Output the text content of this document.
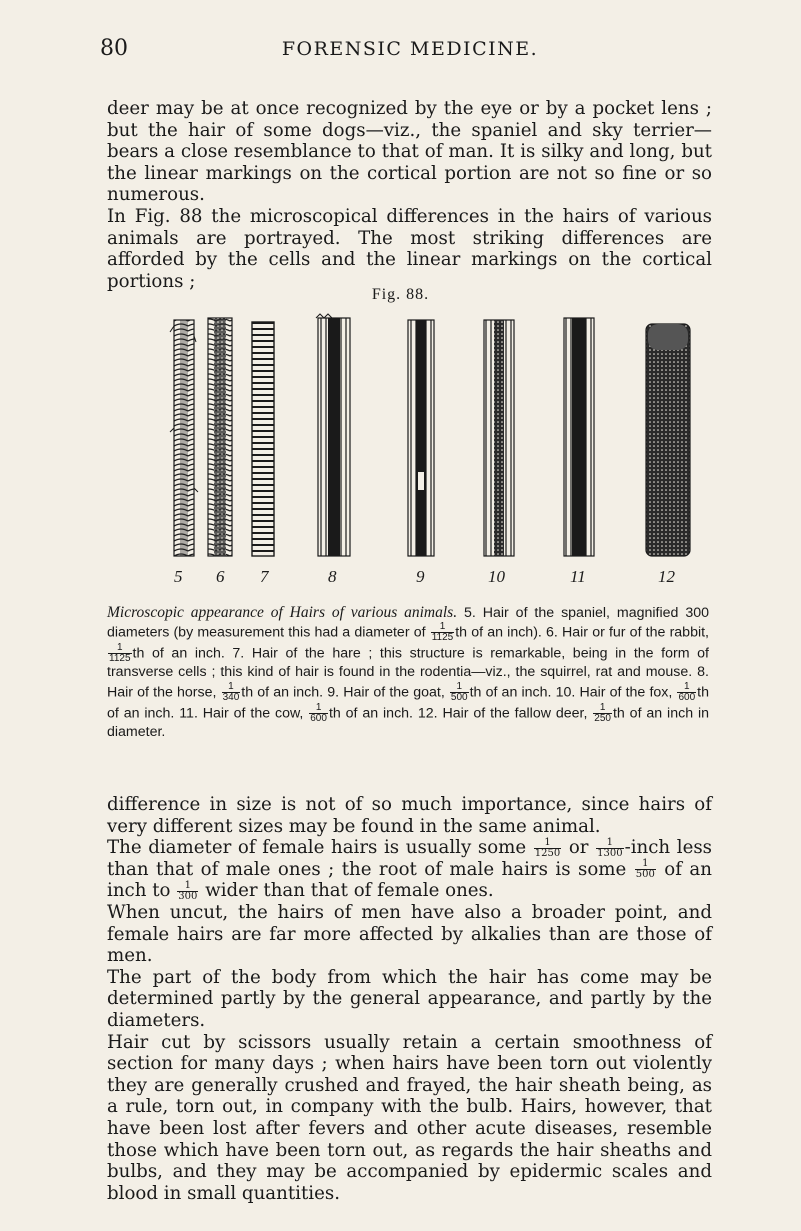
80	FORENSIC MEDICINE.

deer may be at once recognized by the eye or by a pocket lens ; but the hair of some dogs—viz., the spaniel and sky terrier—bears a close resemblance to that of man. It is silky and long, but the linear markings on the cortical portion are not so fine or so numerous.

In Fig. 88 the microscopical differences in the hairs of various animals are portrayed. The most striking differences are afforded by the cells and the linear markings on the cortical portions ;

Fig. 88.
5 6 7	8	9	10	11	12
Microscopic appearance of Hairs of various animals. 5. Hair of the spaniel, magnified 300 diameters (by measurement this had a diameter of $\frac{1}{1125}$ th of an inch). 6. Hair or fur of the rabbit,
$\frac{1}{1125}$ th of an inch. 7. Hair of the hare ; this structure is remarkable, being in the form of transverse cells ; this kind of hair is found in the rodentia—viz., the squirrel, rat and mouse. 8. Hair of the horse, $\frac{1}{340}$ th of an inch. 9. Hair of the goat, $\frac{1}{500}$ th of an inch. 10. Hair of the fox, $\frac{1}{600}$ th of an inch. 11. Hair of the cow, $\frac{1}{600}$ th of an inch. 12. Hair of the fallow deer, $\frac{1}{250}$ th of an inch in diameter.

difference in size is not of so much importance, since hairs of very different sizes may be found in the same animal.

The diameter of female hairs is usually some $\frac{1}{1250}$ or $\frac{1}{1300}$ -inch less than that of male ones ; the root of male hairs is some $\frac{1}{500}$ of an inch to $\frac{1}{300}$ wider than that of female ones.

When uncut, the hairs of men have also a broader point, and female hairs are far more affected by alkalies than are those of men.

The part of the body from which the hair has come may be determined partly by the general appearance, and partly by the diameters.

Hair cut by scissors usually retain a certain smoothness of section for many days ; when hairs have been torn out violently they are generally crushed and frayed, the hair sheath being, as a rule, torn out, in company with the bulb. Hairs, however, that have been lost after fevers and other acute diseases, resemble those which have been torn out, as regards the hair sheaths and bulbs, and they may be accompanied by epidermic scales and blood in small quantities.
